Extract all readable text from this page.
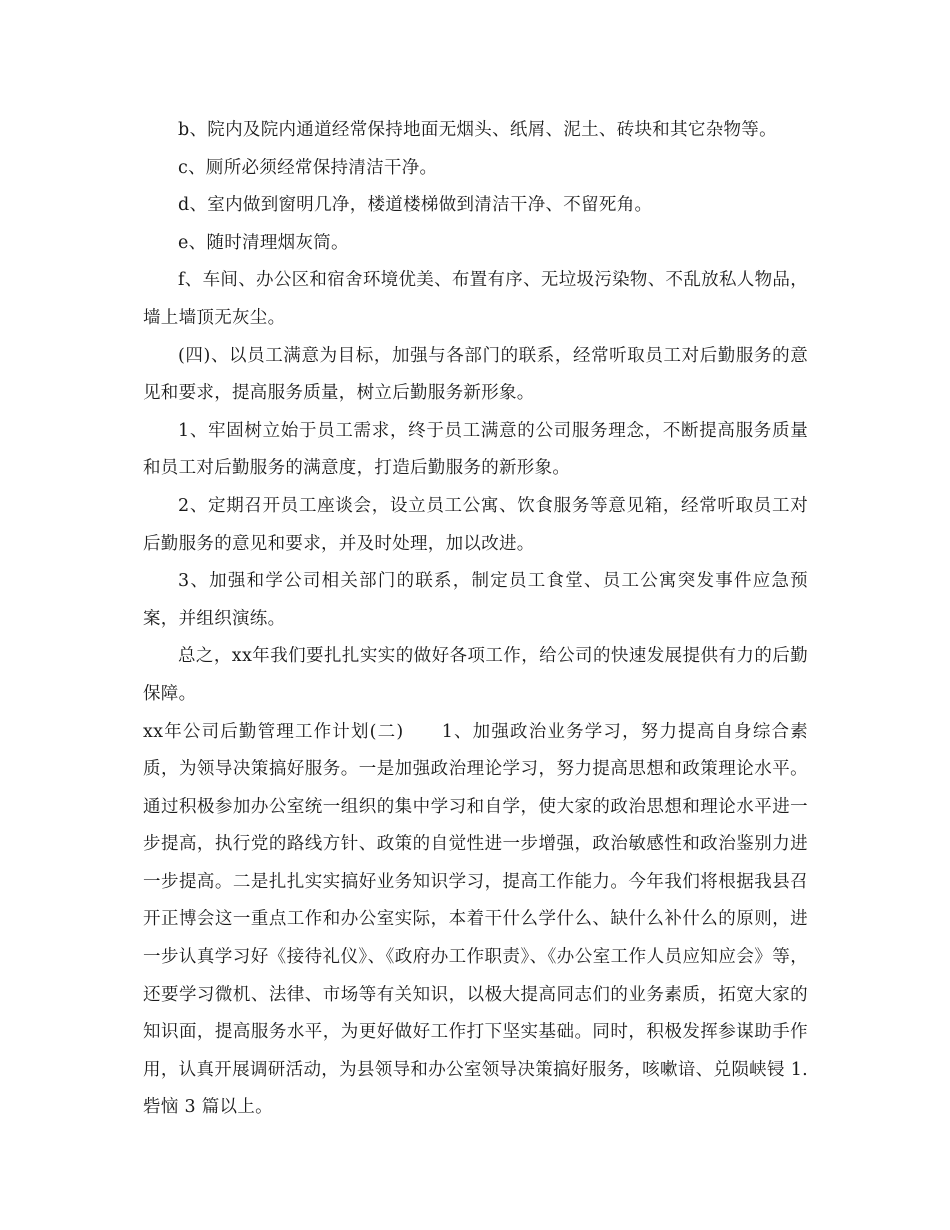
b、院内及院内通道经常保持地面无烟头、纸屑、泥土、砖块和其它杂物等。

c、厕所必须经常保持清洁干净。

d、室内做到窗明几净，楼道楼梯做到清洁干净、不留死角。

e、随时清理烟灰筒。

f、车间、办公区和宿舍环境优美、布置有序、无垃圾污染物、不乱放私人物品，墙上墙顶无灰尘。

(四)、以员工满意为目标，加强与各部门的联系，经常听取员工对后勤服务的意见和要求，提高服务质量，树立后勤服务新形象。

1、牢固树立始于员工需求，终于员工满意的公司服务理念，不断提高服务质量和员工对后勤服务的满意度，打造后勤服务的新形象。

2、定期召开员工座谈会，设立员工公寓、饮食服务等意见箱，经常听取员工对后勤服务的意见和要求，并及时处理，加以改进。

3、加强和学公司相关部门的联系，制定员工食堂、员工公寓突发事件应急预案，并组织演练。

总之，xx年我们要扎扎实实的做好各项工作，给公司的快速发展提供有力的后勤保障。

xx年公司后勤管理工作计划(二)　　1、加强政治业务学习，努力提高自身综合素质，为领导决策搞好服务。一是加强政治理论学习，努力提高思想和政策理论水平。通过积极参加办公室统一组织的集中学习和自学，使大家的政治思想和理论水平进一步提高，执行党的路线方针、政策的自觉性进一步增强，政治敏感性和政治鉴别力进一步提高。二是扎扎实实搞好业务知识学习，提高工作能力。今年我们将根据我县召开正博会这一重点工作和办公室实际，本着干什么学什么、缺什么补什么的原则，进一步认真学习好《接待礼仪》、《政府办工作职责》、《办公室工作人员应知应会》等，还要学习微机、法律、市场等有关知识，以极大提高同志们的业务素质，拓宽大家的知识面，提高服务水平，为更好做好工作打下坚实基础。同时，积极发挥参谋助手作用，认真开展调研活动，为县领导和办公室领导决策搞好服务，咳嗽谙、兑陨峡锓 1.砦恼 3 篇以上。
